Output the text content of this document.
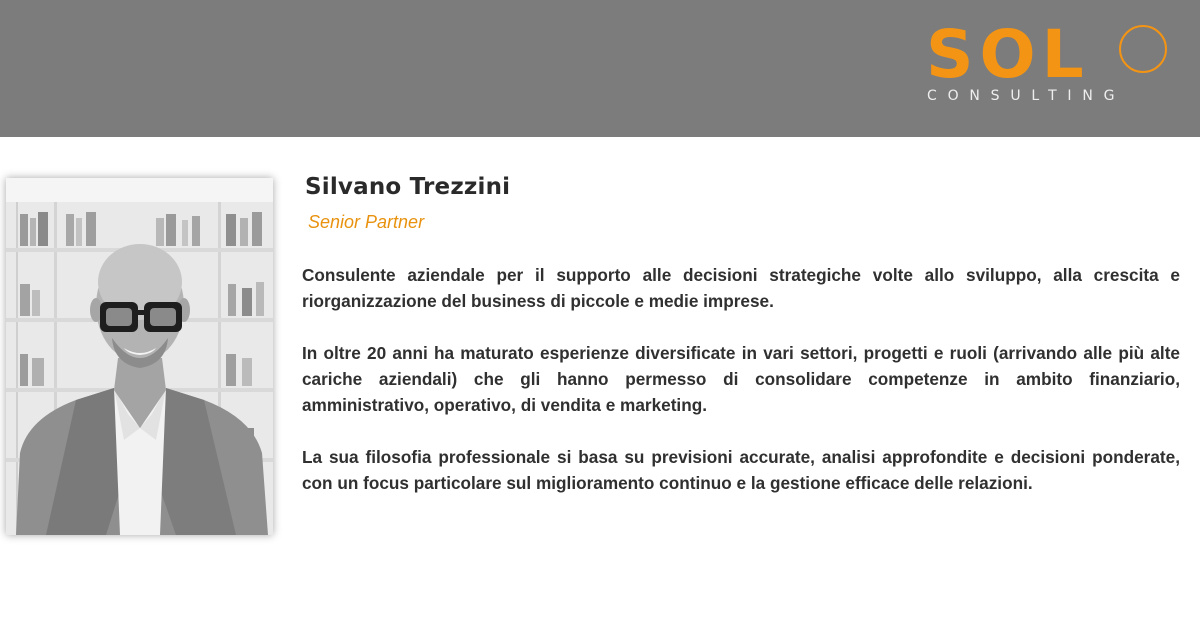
SOL
CONSULTING
Silvano Trezzini
Senior Partner

Consulente aziendale per il supporto alle decisioni strategiche volte allo sviluppo, alla crescita e riorganizzazione del business di piccole e medie imprese.

In oltre 20 anni ha maturato esperienze diversificate in vari settori, progetti e ruoli (arrivando alle più alte cariche aziendali) che gli hanno permesso di consolidare competenze in ambito finanziario, amministrativo, operativo, di vendita e marketing.

La sua filosofia professionale si basa su previsioni accurate, analisi approfondite e decisioni ponderate, con un focus particolare sul miglioramento continuo e la gestione efficace delle relazioni.
